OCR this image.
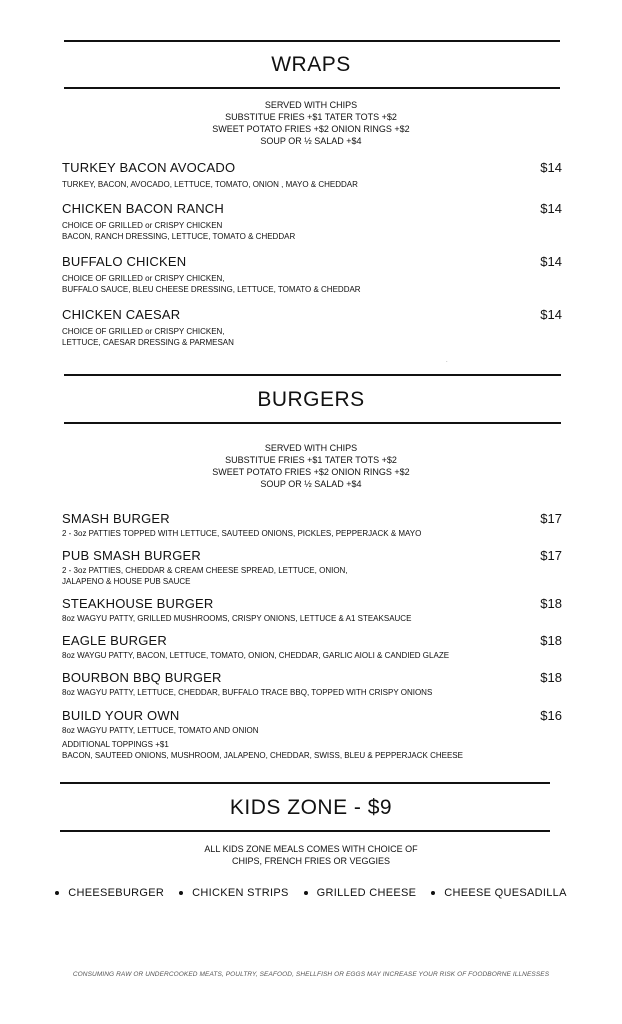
WRAPS
SERVED WITH CHIPS
SUBSTITUE FRIES +$1 TATER TOTS +$2
SWEET POTATO FRIES +$2 ONION RINGS +$2
SOUP OR ½ SALAD +$4
TURKEY BACON AVOCADO	$14
TURKEY, BACON, AVOCADO, LETTUCE, TOMATO, ONION , MAYO & CHEDDAR
CHICKEN BACON RANCH	$14
CHOICE OF GRILLED or CRISPY CHICKEN
BACON, RANCH DRESSING, LETTUCE, TOMATO & CHEDDAR
BUFFALO CHICKEN	$14
CHOICE OF GRILLED or CRISPY CHICKEN,
BUFFALO SAUCE, BLEU CHEESE DRESSING, LETTUCE, TOMATO & CHEDDAR
CHICKEN CAESAR	$14
CHOICE OF GRILLED or CRISPY CHICKEN,
LETTUCE, CAESAR DRESSING & PARMESAN
.
BURGERS
SERVED WITH CHIPS
SUBSTITUE FRIES +$1 TATER TOTS +$2
SWEET POTATO FRIES +$2 ONION RINGS +$2
SOUP OR ½ SALAD +$4
SMASH BURGER	$17
2 - 3oz PATTIES TOPPED WITH LETTUCE, SAUTEED ONIONS, PICKLES, PEPPERJACK & MAYO
PUB SMASH BURGER	$17
2 - 3oz PATTIES, CHEDDAR & CREAM CHEESE SPREAD, LETTUCE, ONION,
JALAPENO & HOUSE PUB SAUCE
STEAKHOUSE BURGER	$18
8oz WAGYU PATTY, GRILLED MUSHROOMS, CRISPY ONIONS, LETTUCE & A1 STEAKSAUCE
EAGLE BURGER	$18
8oz WAYGU PATTY, BACON, LETTUCE, TOMATO, ONION, CHEDDAR, GARLIC AIOLI & CANDIED GLAZE
BOURBON BBQ BURGER	$18
8oz WAGYU PATTY, LETTUCE, CHEDDAR, BUFFALO TRACE BBQ, TOPPED WITH CRISPY ONIONS
BUILD YOUR OWN	$16
8oz WAGYU PATTY, LETTUCE, TOMATO AND ONION
ADDITIONAL TOPPINGS +$1
BACON, SAUTEED ONIONS, MUSHROOM, JALAPENO, CHEDDAR, SWISS, BLEU & PEPPERJACK CHEESE
KIDS ZONE - $9
ALL KIDS ZONE MEALS COMES WITH CHOICE OF
CHIPS, FRENCH FRIES OR VEGGIES
CHEESEBURGER	CHICKEN STRIPS	GRILLED CHEESE	CHEESE QUESADILLA
CONSUMING RAW OR UNDERCOOKED MEATS, POULTRY, SEAFOOD, SHELLFISH OR EGGS MAY INCREASE YOUR RISK OF FOODBORNE ILLNESSES
